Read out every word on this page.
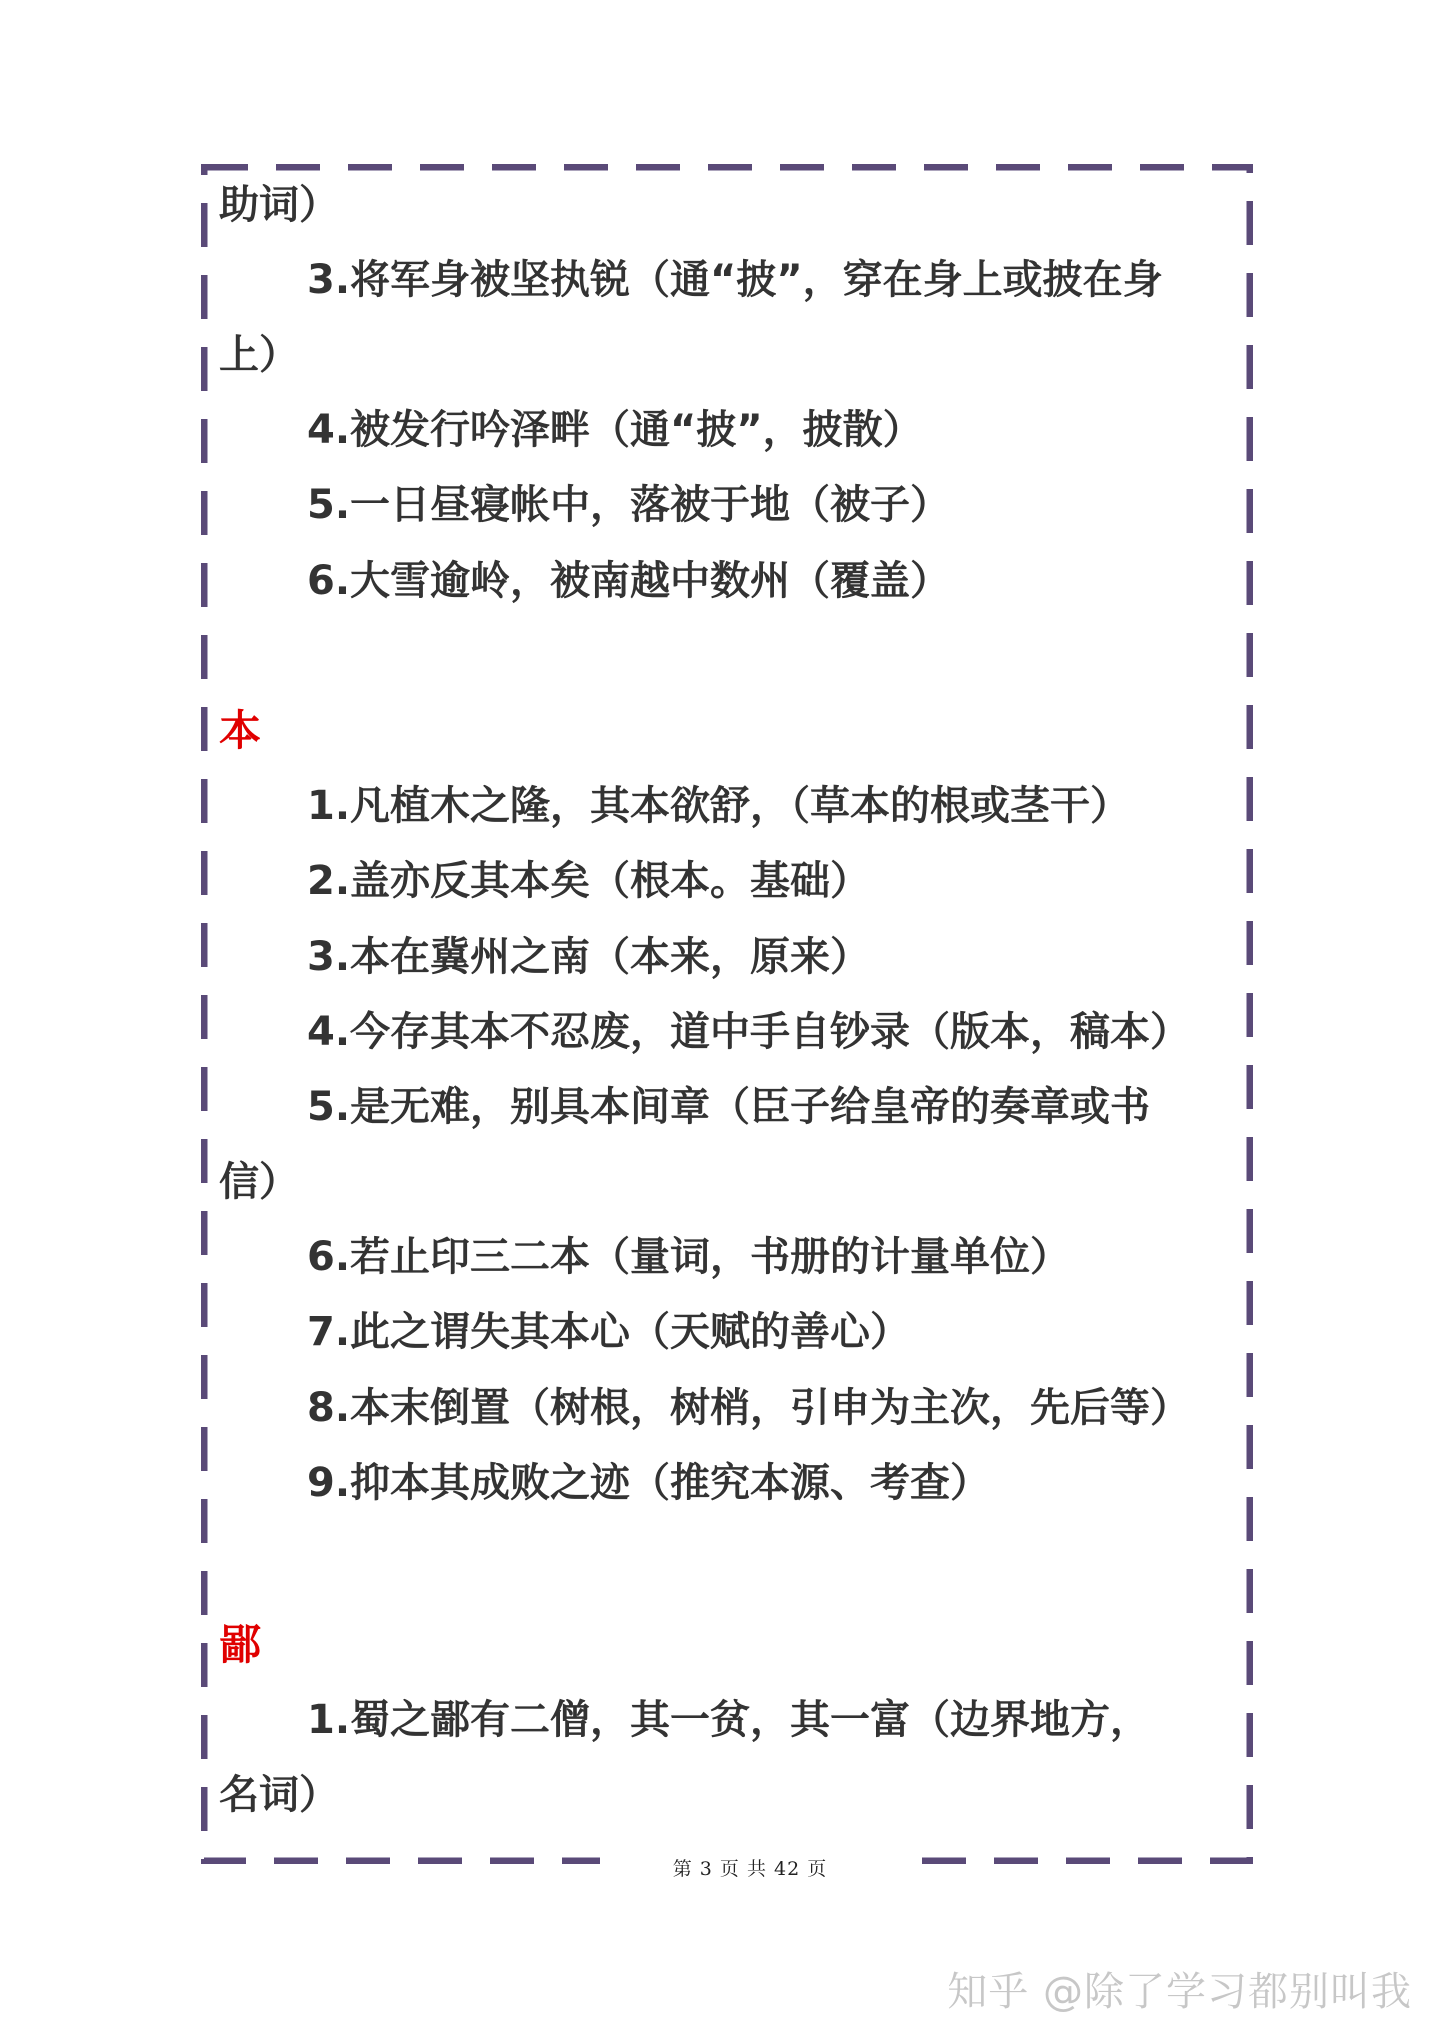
助词）
3.将军身被坚执锐（通“披”，穿在身上或披在身
上）
4.被发行吟泽畔（通“披”，披散）
5.一日昼寝帐中，落被于地（被子）
6.大雪逾岭，被南越中数州（覆盖）
本
1.凡植木之隆，其本欲舒，（草本的根或茎干）
2.盖亦反其本矣（根本。基础）
3.本在冀州之南（本来，原来）
4.今存其本不忍废，道中手自钞录（版本，稿本）
5.是无难，别具本间章（臣子给皇帝的奏章或书
信）
6.若止印三二本（量词，书册的计量单位）
7.此之谓失其本心（天赋的善心）
8.本末倒置（树根，树梢，引申为主次，先后等）
9.抑本其成败之迹（推究本源、考查）
鄙
1.蜀之鄙有二僧，其一贫，其一富（边界地方，
名词）
第 3 页 共 42 页
知乎 @除了学习都别叫我
